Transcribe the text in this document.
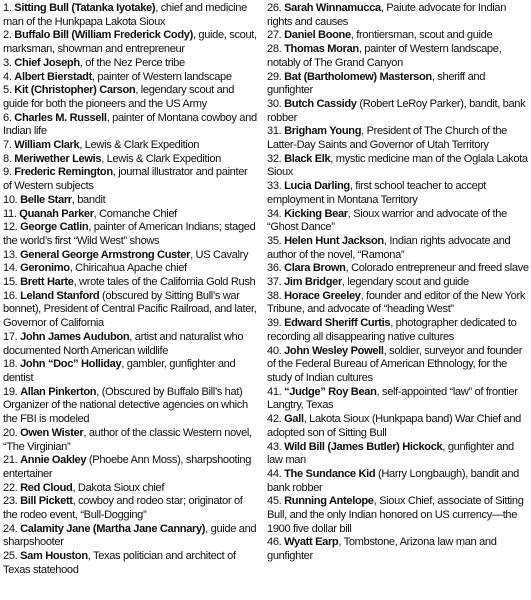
1. Sitting Bull (Tatanka Iyotake), chief and medicine man of the Hunkpapa Lakota Sioux

2. Buffalo Bill (William Frederick Cody), guide, scout, marksman, showman and entrepreneur

3. Chief Joseph, of the Nez Perce tribe

4. Albert Bierstadt, painter of Western landscape

5. Kit (Christopher) Carson, legendary scout and guide for both the pioneers and the US Army

6. Charles M. Russell, painter of Montana cowboy and Indian life

7. William Clark, Lewis & Clark Expedition

8. Meriwether Lewis, Lewis & Clark Expedition

9. Frederic Remington, journal illustrator and painter of Western subjects

10. Belle Starr, bandit

11. Quanah Parker, Comanche Chief

12. George Catlin, painter of American Indians; staged the world’s first “Wild West” shows

13. General George Armstrong Custer, US Cavalry

14. Geronimo, Chiricahua Apache chief

15. Brett Harte, wrote tales of the California Gold Rush

16. Leland Stanford (obscured by Sitting Bull’s war bonnet), President of Central Pacific Railroad, and later, Governor of California

17. John James Audubon, artist and naturalist who documented North American wildlife

18. John “Doc” Holliday, gambler, gunfighter and dentist

19. Allan Pinkerton, (Obscured by Buffalo Bill’s hat) Organizer of the national detective agencies on which the FBI is modeled

20. Owen Wister, author of the classic Western novel, “The Virginian”

21. Annie Oakley (Phoebe Ann Moss), sharpshooting entertainer

22. Red Cloud, Dakota Sioux chief

23. Bill Pickett, cowboy and rodeo star; originator of the rodeo event, “Bull-Dogging”

24. Calamity Jane (Martha Jane Cannary), guide and sharpshooter

25. Sam Houston, Texas politician and architect of Texas statehood

26. Sarah Winnamucca, Paiute advocate for Indian rights and causes

27. Daniel Boone, frontiersman, scout and guide

28. Thomas Moran, painter of Western landscape, notably of The Grand Canyon

29. Bat (Bartholomew) Masterson, sheriff and gunfighter

30. Butch Cassidy (Robert LeRoy Parker), bandit, bank robber

31. Brigham Young, President of The Church of the Latter-Day Saints and Governor of Utah Territory

32. Black Elk, mystic medicine man of the Oglala Lakota Sioux

33. Lucia Darling, first school teacher to accept employment in Montana Territory

34. Kicking Bear, Sioux warrior and advocate of the “Ghost Dance”

35. Helen Hunt Jackson, Indian rights advocate and author of the novel, “Ramona”

36. Clara Brown, Colorado entrepreneur and freed slave

37. Jim Bridger, legendary scout and guide

38. Horace Greeley, founder and editor of the New York Tribune, and advocate of “heading West”

39. Edward Sheriff Curtis, photographer dedicated to recording all disappearing native cultures

40. John Wesley Powell, soldier, surveyor and founder of the Federal Bureau of American Ethnology, for the study of Indian cultures

41. “Judge” Roy Bean, self-appointed “law” of frontier Langtry, Texas

42. Gall, Lakota Sioux (Hunkpapa band) War Chief and adopted son of Sitting Bull

43. Wild Bill (James Butler) Hickock, gunfighter and law man

44. The Sundance Kid (Harry Longbaugh), bandit and bank robber

45. Running Antelope, Sioux Chief, associate of Sitting Bull, and the only Indian honored on US currency—the 1900 five dollar bill

46. Wyatt Earp, Tombstone, Arizona law man and gunfighter
